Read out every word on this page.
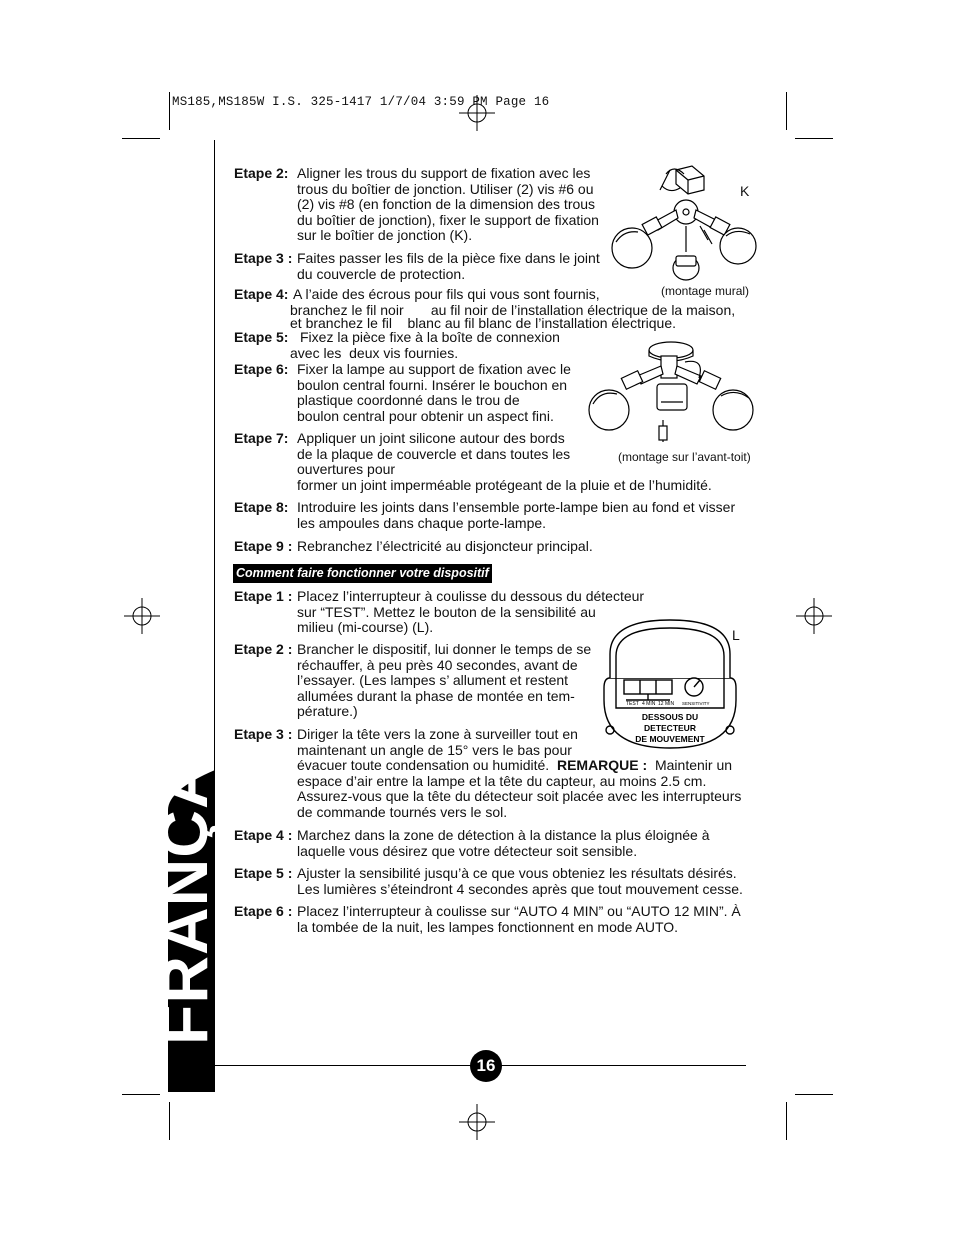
MS185,MS185W I.S. 325-1417 1/7/04 3:59 PM Page 16
FRANÇAIS
Etape 2: Aligner les trous du support de fixation avec les
trous du boîtier de jonction. Utiliser (2) vis #6 ou
(2) vis #8 (en fonction de la dimension des trous
du boîtier de jonction), fixer le support de fixation
sur le boîtier de jonction (K).
Etape 3 : Faites passer les fils de la pièce fixe dans le joint
du couvercle de protection.
Etape 4: A l’aide des écrous pour fils qui vous sont fournis,
branchez le fil noir       au fil noir de l’installation électrique de la maison,
et branchez le fil    blanc au fil blanc de l’installation électrique.
Etape 5: Fixez la pièce fixe à la boîte de connexion
avec les  deux vis fournies.
Etape 6: Fixer la lampe au support de fixation avec le
boulon central fourni. Insérer le bouchon en
plastique coordonné dans le trou de
boulon central pour obtenir un aspect fini.
Etape 7: Appliquer un joint silicone autour des bords
de la plaque de couvercle et dans toutes les
ouvertures pour
former un joint imperméable protégeant de la pluie et de l’humidité.
Etape 8: Introduire les joints dans l’ensemble porte-lampe bien au fond et visser
les ampoules dans chaque porte-lampe.
Etape 9 : Rebranchez l’électricité au disjoncteur principal.
Comment faire fonctionner votre dispositif
Etape 1 : Placez l’interrupteur à coulisse du dessous du détecteur
sur “TEST”. Mettez le bouton de la sensibilité au
milieu (mi-course) (L).
Etape 2 : Brancher le dispositif, lui donner le temps de se
réchauffer, à peu près 40 secondes, avant de
l’essayer. (Les lampes s’ allument et restent
allumées durant la phase de montée en tem-
pérature.)
Etape 3 : Diriger la tête vers la zone à surveiller tout en
maintenant un angle de 15° vers le bas pour
évacuer toute condensation ou humidité. REMARQUE : Maintenir un
espace d’air entre la lampe et la tête du capteur, au moins 2.5 cm.
Assurez-vous que la tête du détecteur soit placée avec les interrupteurs
de commande tournés vers le sol.
Etape 4 : Marchez dans la zone de détection à la distance la plus éloignée à
laquelle vous désirez que votre détecteur soit sensible.
Etape 5 : Ajuster la sensibilité jusqu’à ce que vous obteniez les résultats désirés.
Les lumières s’éteindront 4 secondes après que tout mouvement cesse.
Etape 6 : Placez l’interrupteur à coulisse sur “AUTO 4 MIN” ou “AUTO 12 MIN”. À
la tombée de la nuit, les lampes fonctionnent en mode AUTO.
K
(montage mural)
(montage sur l’avant-toit)
TEST 4 MIN 12 MIN SENSITIVITY
DESSOUS DU
DETECTEUR
DE MOUVEMENT
L
16
